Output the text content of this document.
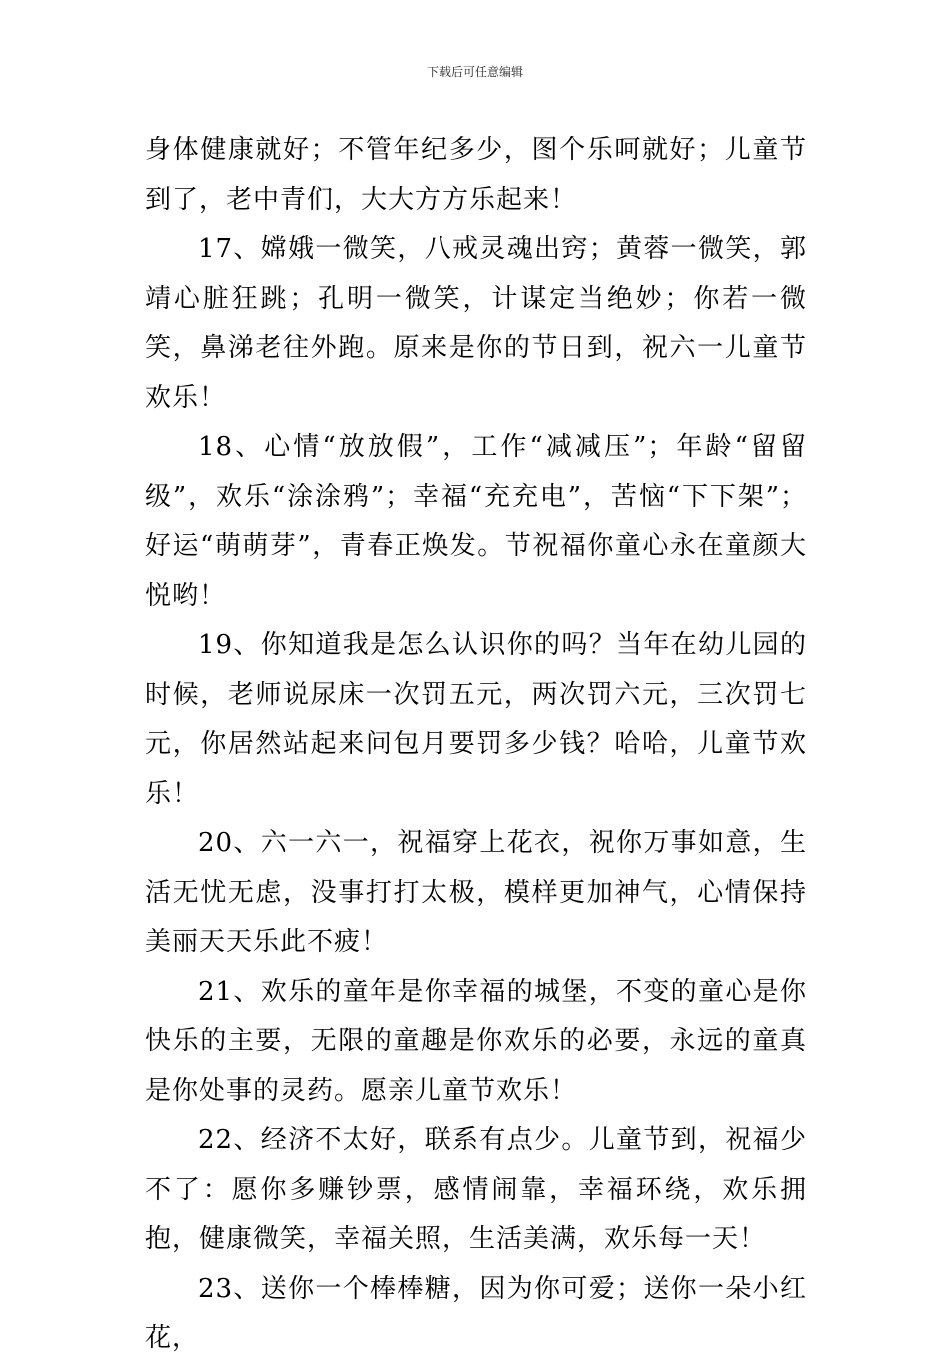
下载后可任意编辑

身体健康就好；不管年纪多少，图个乐呵就好；儿童节到了，老中青们，大大方方乐起来！

17、嫦娥一微笑，八戒灵魂出窍；黄蓉一微笑，郭靖心脏狂跳；孔明一微笑，计谋定当绝妙；你若一微笑，鼻涕老往外跑。原来是你的节日到，祝六一儿童节欢乐！

18、心情“放放假”，工作“减减压”；年龄“留留级”，欢乐“涂涂鸦”；幸福“充充电”，苦恼“下下架”；好运“萌萌芽”，青春正焕发。节祝福你童心永在童颜大悦哟！

19、你知道我是怎么认识你的吗？当年在幼儿园的时候，老师说尿床一次罚五元，两次罚六元，三次罚七元，你居然站起来问包月要罚多少钱？哈哈，儿童节欢乐！

20、六一六一，祝福穿上花衣，祝你万事如意，生活无忧无虑，没事打打太极，模样更加神气，心情保持美丽天天乐此不疲！

21、欢乐的童年是你幸福的城堡，不变的童心是你快乐的主要，无限的童趣是你欢乐的必要，永远的童真是你处事的灵药。愿亲儿童节欢乐！

22、经济不太好，联系有点少。儿童节到，祝福少不了：愿你多赚钞票，感情闹靠，幸福环绕，欢乐拥抱，健康微笑，幸福关照，生活美满，欢乐每一天！

23、送你一个棒棒糖，因为你可爱；送你一朵小红花，
